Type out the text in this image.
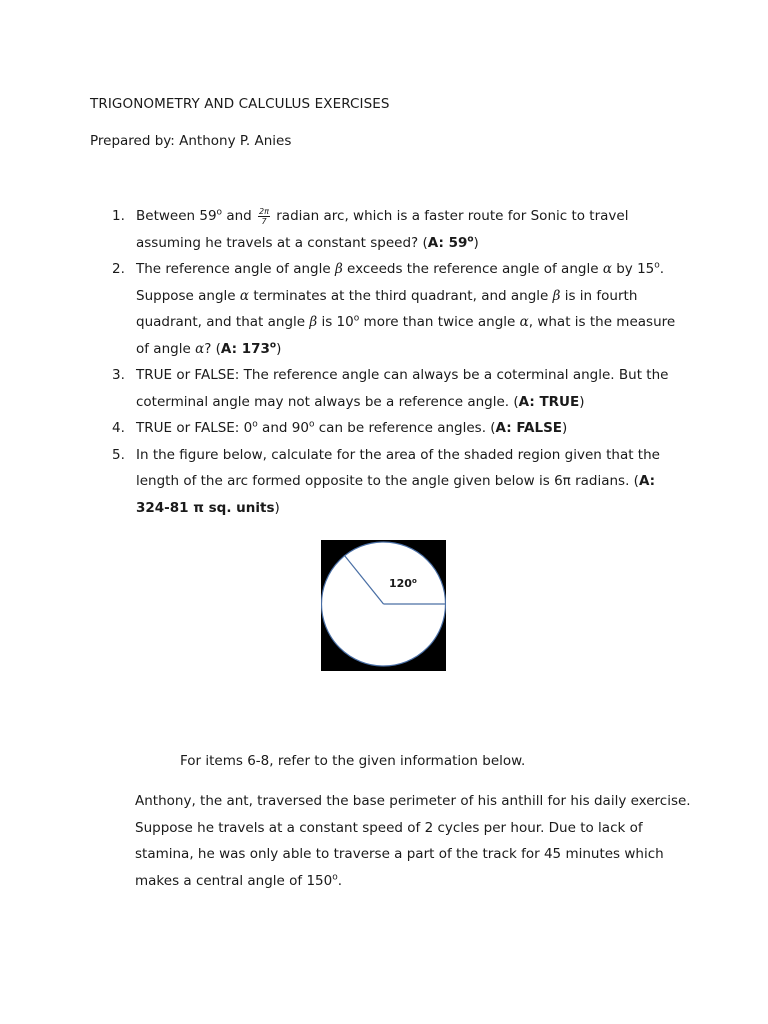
TRIGONOMETRY AND CALCULUS EXERCISES
Prepared by: Anthony P. Anies
1. Between 59$^o$ and $\frac{2\pi}{7}$ radian arc, which is a faster route for Sonic to travel assuming he travels at a constant speed? (A: 59$^o$)
2. The reference angle of angle β exceeds the reference angle of angle α by 15$^o$. Suppose angle α terminates at the third quadrant, and angle β is in fourth quadrant, and that angle β is 10$^o$ more than twice angle α, what is the measure of angle α? (A: 173$^o$)
3. TRUE or FALSE: The reference angle can always be a coterminal angle. But the coterminal angle may not always be a reference angle. (A: TRUE)
4. TRUE or FALSE: 0$^o$ and 90$^o$ can be reference angles. (A: FALSE)
5. In the figure below, calculate for the area of the shaded region given that the length of the arc formed opposite to the angle given below is 6π radians. (A: 324-81 π sq. units)
120$^o$
For items 6-8, refer to the given information below.
Anthony, the ant, traversed the base perimeter of his anthill for his daily exercise. Suppose he travels at a constant speed of 2 cycles per hour. Due to lack of stamina, he was only able to traverse a part of the track for 45 minutes which makes a central angle of 150$^o$.
